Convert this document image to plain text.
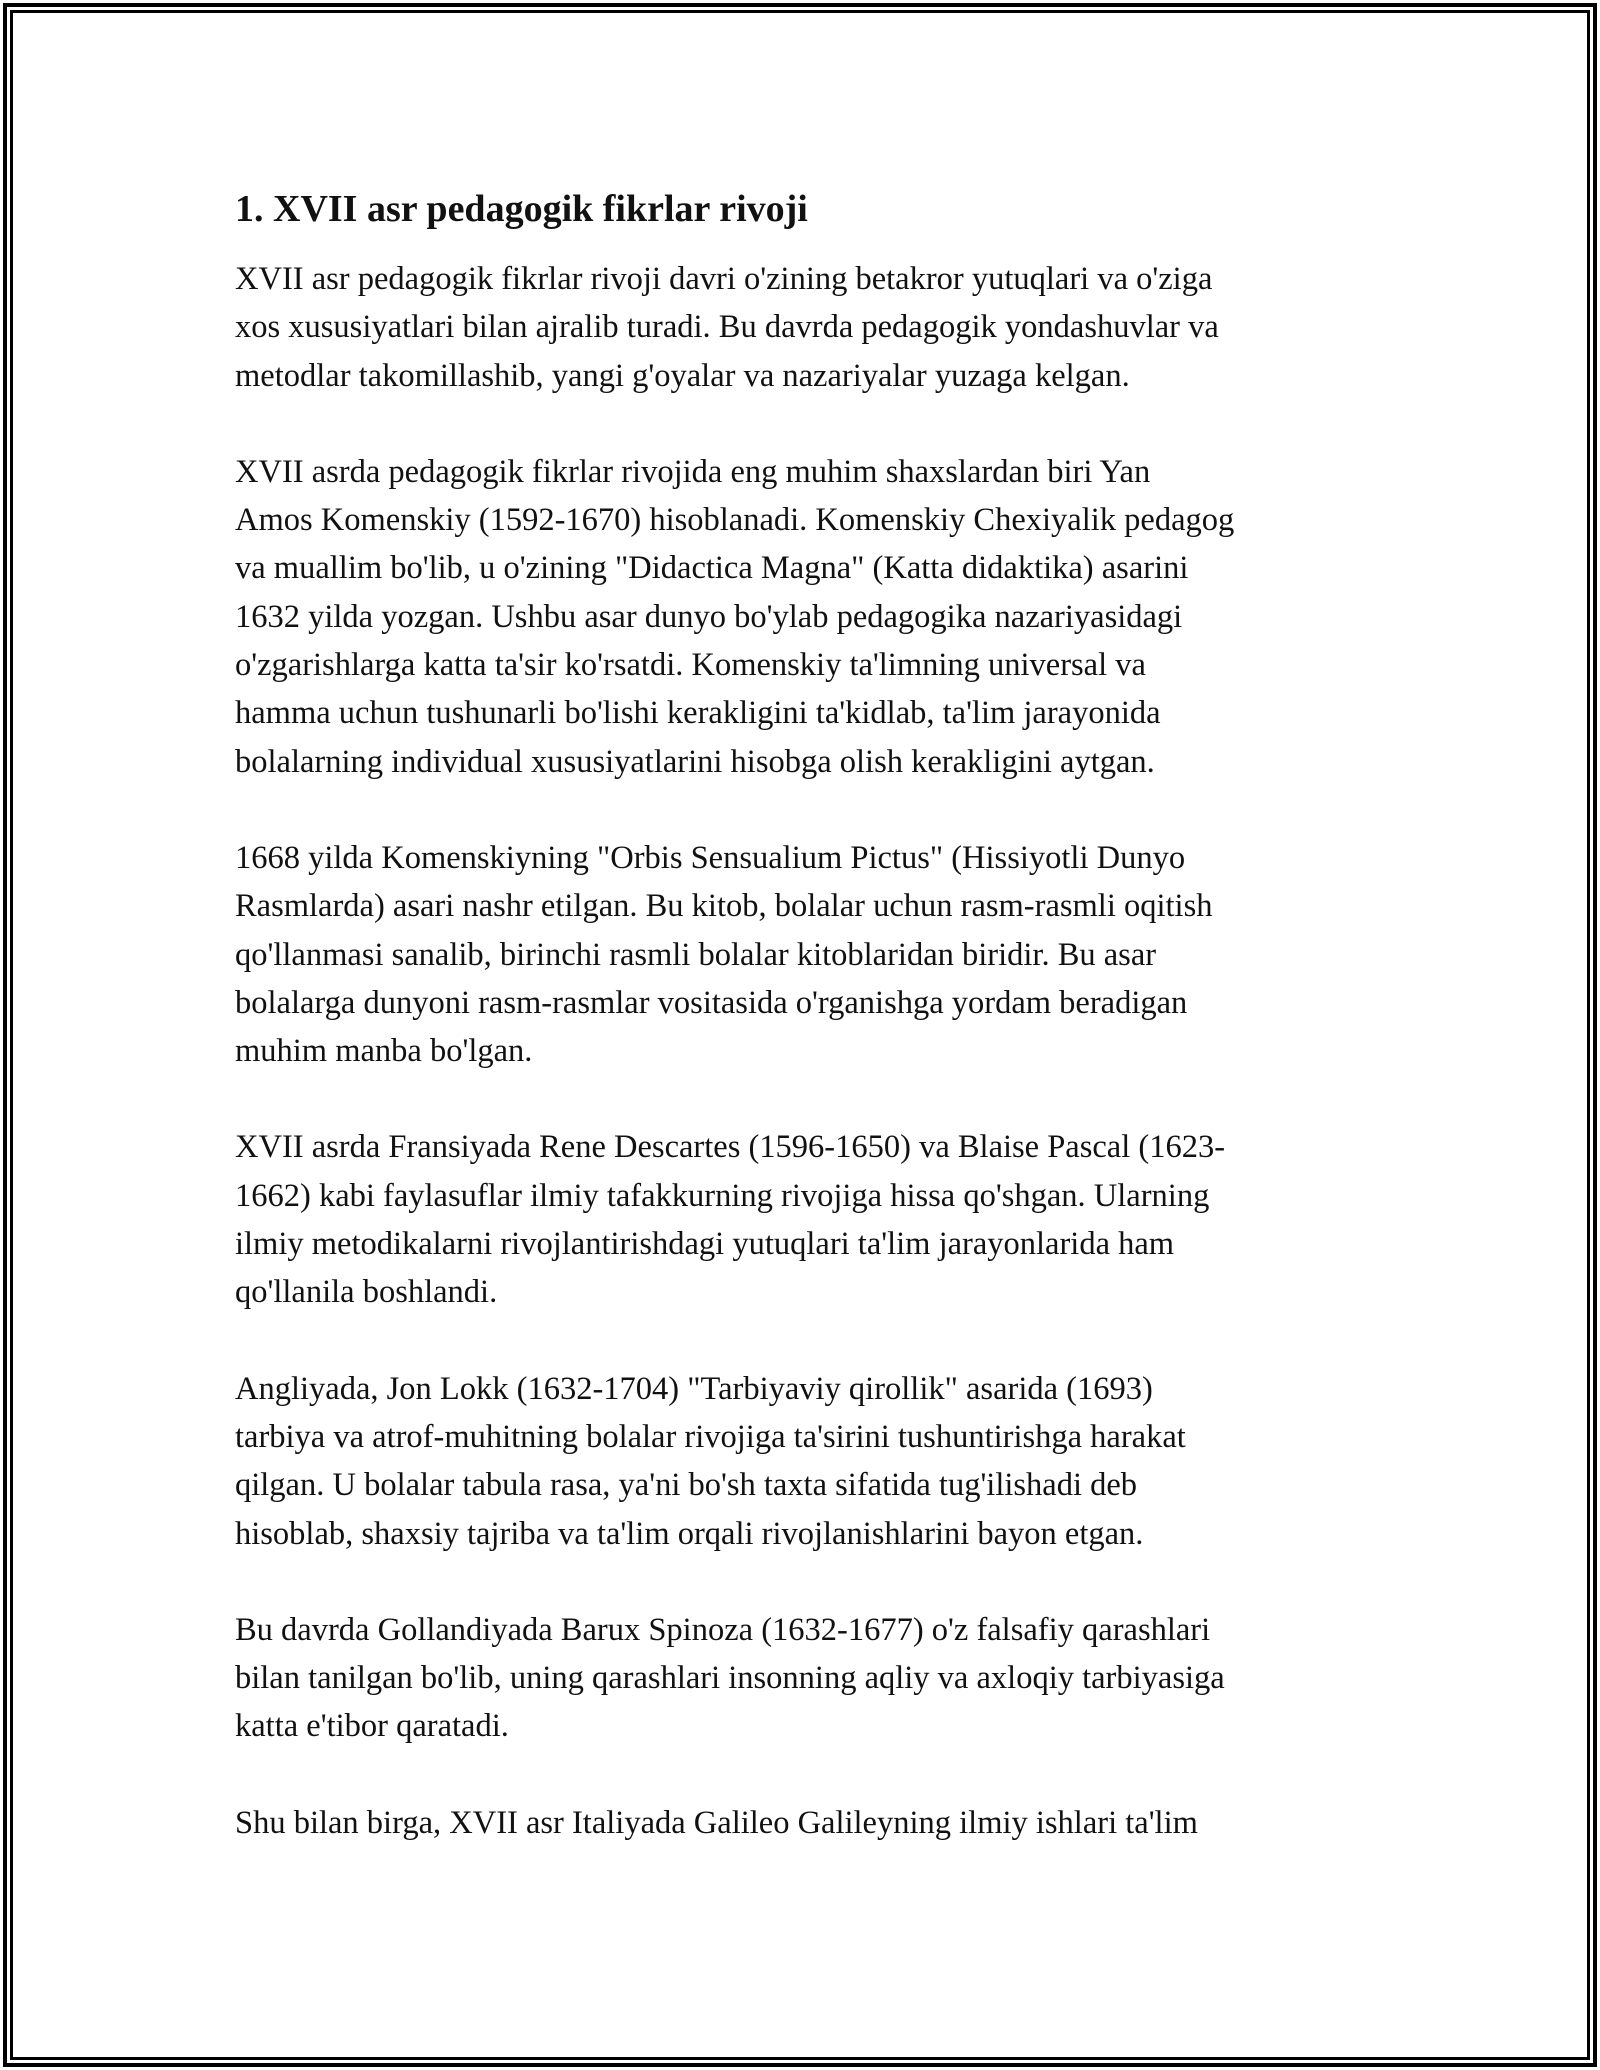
1. XVII asr pedagogik fikrlar rivoji

XVII asr pedagogik fikrlar rivoji davri o'zining betakror yutuqlari va o'ziga
xos xususiyatlari bilan ajralib turadi. Bu davrda pedagogik yondashuvlar va
metodlar takomillashib, yangi g'oyalar va nazariyalar yuzaga kelgan.

XVII asrda pedagogik fikrlar rivojida eng muhim shaxslardan biri Yan
Amos Komenskiy (1592-1670) hisoblanadi. Komenskiy Chexiyalik pedagog
va muallim bo'lib, u o'zining "Didactica Magna" (Katta didaktika) asarini
1632 yilda yozgan. Ushbu asar dunyo bo'ylab pedagogika nazariyasidagi
o'zgarishlarga katta ta'sir ko'rsatdi. Komenskiy ta'limning universal va
hamma uchun tushunarli bo'lishi kerakligini ta'kidlab, ta'lim jarayonida
bolalarning individual xususiyatlarini hisobga olish kerakligini aytgan.

1668 yilda Komenskiyning "Orbis Sensualium Pictus" (Hissiyotli Dunyo
Rasmlarda) asari nashr etilgan. Bu kitob, bolalar uchun rasm-rasmli oqitish
qo'llanmasi sanalib, birinchi rasmli bolalar kitoblaridan biridir. Bu asar
bolalarga dunyoni rasm-rasmlar vositasida o'rganishga yordam beradigan
muhim manba bo'lgan.

XVII asrda Fransiyada Rene Descartes (1596-1650) va Blaise Pascal (1623-
1662) kabi faylasuflar ilmiy tafakkurning rivojiga hissa qo'shgan. Ularning
ilmiy metodikalarni rivojlantirishdagi yutuqlari ta'lim jarayonlarida ham
qo'llanila boshlandi.

Angliyada, Jon Lokk (1632-1704) "Tarbiyaviy qirollik" asarida (1693)
tarbiya va atrof-muhitning bolalar rivojiga ta'sirini tushuntirishga harakat
qilgan. U bolalar tabula rasa, ya'ni bo'sh taxta sifatida tug'ilishadi deb
hisoblab, shaxsiy tajriba va ta'lim orqali rivojlanishlarini bayon etgan.

Bu davrda Gollandiyada Barux Spinoza (1632-1677) o'z falsafiy qarashlari
bilan tanilgan bo'lib, uning qarashlari insonning aqliy va axloqiy tarbiyasiga
katta e'tibor qaratadi.

Shu bilan birga, XVII asr Italiyada Galileo Galileyning ilmiy ishlari ta'lim
